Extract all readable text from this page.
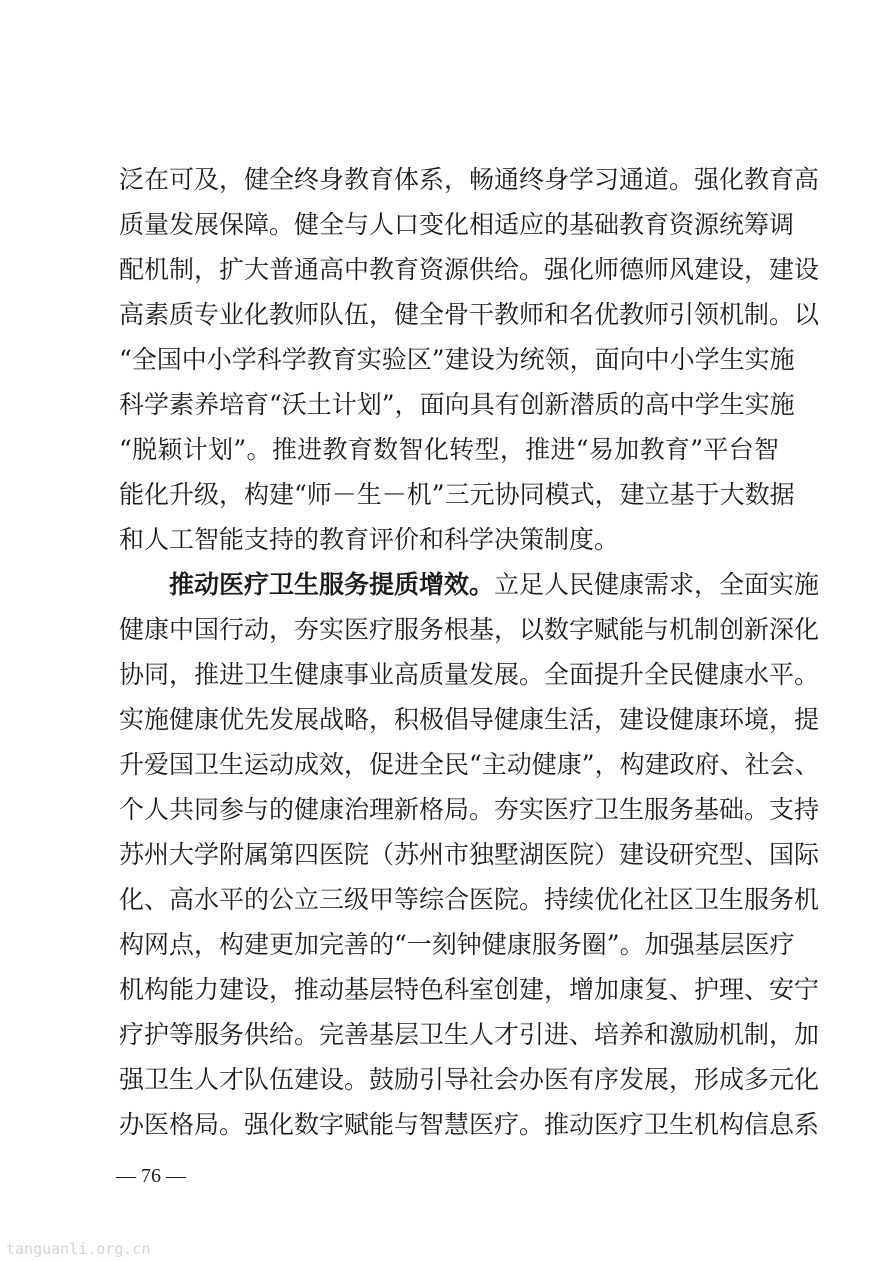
泛在可及，健全终身教育体系，畅通终身学习通道。强化教育高
质量发展保障。健全与人口变化相适应的基础教育资源统筹调
配机制，扩大普通高中教育资源供给。强化师德师风建设，建设
高素质专业化教师队伍，健全骨干教师和名优教师引领机制。以
“全国中小学科学教育实验区”建设为统领，面向中小学生实施
科学素养培育“沃土计划”，面向具有创新潜质的高中学生实施
“脱颖计划”。推进教育数智化转型，推进“易加教育”平台智
能化升级，构建“师－生－机”三元协同模式，建立基于大数据
和人工智能支持的教育评价和科学决策制度。
推动医疗卫生服务提质增效。立足人民健康需求，全面实施
健康中国行动，夯实医疗服务根基，以数字赋能与机制创新深化
协同，推进卫生健康事业高质量发展。全面提升全民健康水平。
实施健康优先发展战略，积极倡导健康生活，建设健康环境，提
升爱国卫生运动成效，促进全民“主动健康”，构建政府、社会、
个人共同参与的健康治理新格局。夯实医疗卫生服务基础。支持
苏州大学附属第四医院（苏州市独墅湖医院）建设研究型、国际
化、高水平的公立三级甲等综合医院。持续优化社区卫生服务机
构网点，构建更加完善的“一刻钟健康服务圈”。加强基层医疗
机构能力建设，推动基层特色科室创建，增加康复、护理、安宁
疗护等服务供给。完善基层卫生人才引进、培养和激励机制，加
强卫生人才队伍建设。鼓励引导社会办医有序发展，形成多元化
办医格局。强化数字赋能与智慧医疗。推动医疗卫生机构信息系
— 76 —
tanguanli.org.cn
